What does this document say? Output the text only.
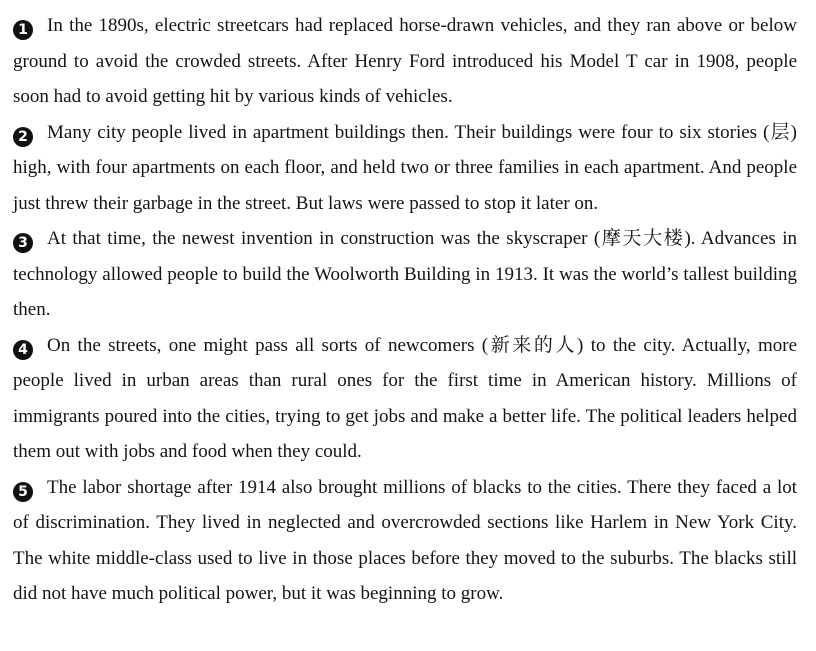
1 In the 1890s, electric streetcars had replaced horse-drawn vehicles, and they ran above or below ground to avoid the crowded streets. After Henry Ford introduced his Model T car in 1908, people soon had to avoid getting hit by various kinds of vehicles.

2 Many city people lived in apartment buildings then. Their buildings were four to six stories (层) high, with four apartments on each floor, and held two or three families in each apartment. And people just threw their garbage in the street. But laws were passed to stop it later on.

3 At that time, the newest invention in construction was the skyscraper (摩天大楼). Advances in technology allowed people to build the Woolworth Building in 1913. It was the world’s tallest building then.

4 On the streets, one might pass all sorts of newcomers (新来的人) to the city. Actually, more people lived in urban areas than rural ones for the first time in American history. Millions of immigrants poured into the cities, trying to get jobs and make a better life. The political leaders helped them out with jobs and food when they could.

5 The labor shortage after 1914 also brought millions of blacks to the cities. There they faced a lot of discrimination. They lived in neglected and overcrowded sections like Harlem in New York City. The white middle-class used to live in those places before they moved to the suburbs. The blacks still did not have much political power, but it was beginning to grow.
